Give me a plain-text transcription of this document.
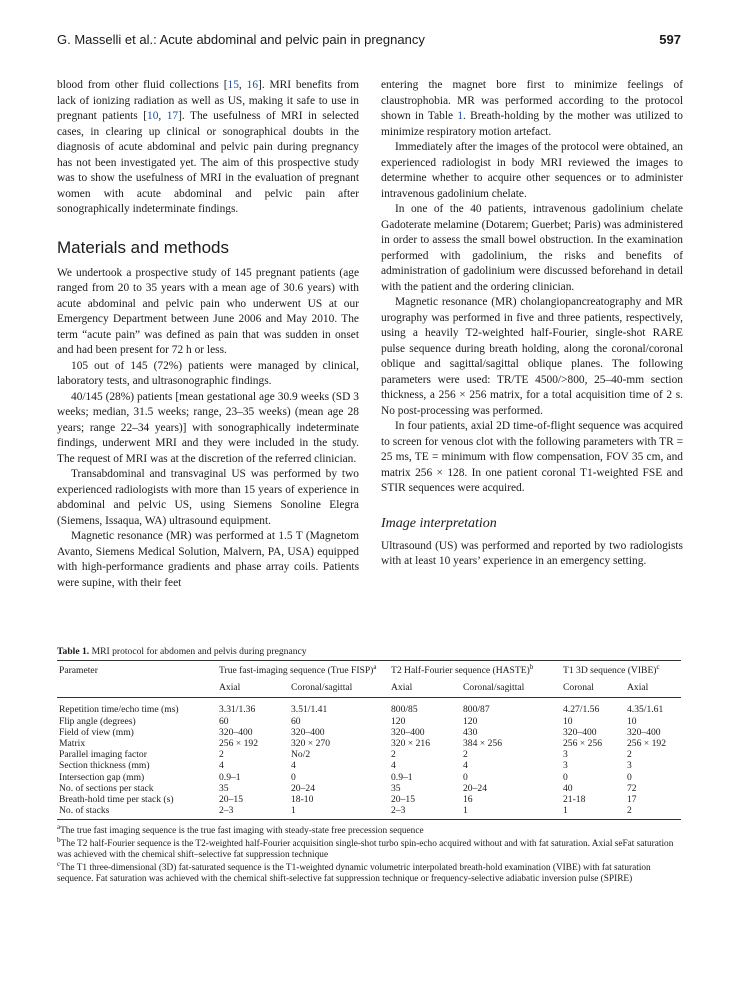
G. Masselli et al.: Acute abdominal and pelvic pain in pregnancy	597

blood from other fluid collections [15, 16]. MRI benefits from lack of ionizing radiation as well as US, making it safe to use in pregnant patients [10, 17]. The usefulness of MRI in selected cases, in clearing up clinical or sonographical doubts in the diagnosis of acute abdominal and pelvic pain during pregnancy has not been investigated yet. The aim of this prospective study was to show the usefulness of MRI in the evaluation of pregnant women with acute abdominal and pelvic pain after sonographically indeterminate findings.

Materials and methods

We undertook a prospective study of 145 pregnant patients (age ranged from 20 to 35 years with a mean age of 30.6 years) with acute abdominal and pelvic pain who underwent US at our Emergency Department between June 2006 and May 2010. The term “acute pain” was defined as pain that was sudden in onset and had been present for 72 h or less.

105 out of 145 (72%) patients were managed by clinical, laboratory tests, and ultrasonographic findings.

40/145 (28%) patients [mean gestational age 30.9 weeks (SD 3 weeks; median, 31.5 weeks; range, 23–35 weeks) (mean age 28 years; range 22–34 years)] with sonographically indeterminate findings, underwent MRI and they were included in the study. The request of MRI was at the discretion of the referred clinician.

Transabdominal and transvaginal US was performed by two experienced radiologists with more than 15 years of experience in abdominal and pelvic US, using Siemens Sonoline Elegra (Siemens, Issaqua, WA) ultrasound equipment.

Magnetic resonance (MR) was performed at 1.5 T (Magnetom Avanto, Siemens Medical Solution, Malvern, PA, USA) equipped with high-performance gradients and phase array coils. Patients were supine, with their feet

entering the magnet bore first to minimize feelings of claustrophobia. MR was performed according to the protocol shown in Table 1. Breath-holding by the mother was utilized to minimize respiratory motion artefact.

Immediately after the images of the protocol were obtained, an experienced radiologist in body MRI reviewed the images to determine whether to acquire other sequences or to administer intravenous gadolinium chelate.

In one of the 40 patients, intravenous gadolinium chelate Gadoterate melamine (Dotarem; Guerbet; Paris) was administered in order to assess the small bowel obstruction. In the examination performed with gadolinium, the risks and benefits of administration of gadolinium were discussed beforehand in detail with the patient and the ordering clinician.

Magnetic resonance (MR) cholangiopancreatography and MR urography was performed in five and three patients, respectively, using a heavily T2-weighted half-Fourier, single-shot RARE pulse sequence during breath holding, along the coronal/coronal oblique and sagittal/sagittal oblique planes. The following parameters were used: TR/TE 4500/>800, 25–40-mm section thickness, a 256 × 256 matrix, for a total acquisition time of 2 s. No post-processing was performed.

In four patients, axial 2D time-of-flight sequence was acquired to screen for venous clot with the following parameters with TR = 25 ms, TE = minimum with flow compensation, FOV 35 cm, and matrix 256 × 128. In one patient coronal T1-weighted FSE and STIR sequences were acquired.

Image interpretation

Ultrasound (US) was performed and reported by two radiologists with at least 10 years’ experience in an emergency setting.

Table 1. MRI protocol for abdomen and pelvis during pregnancy

Parameter	True fast-imaging sequence (True FISP)$^a$		T2 Half-Fourier sequence (HASTE)$^b$		T1 3D sequence (VIBE)$^c$
	Axial	Coronal/sagittal	Axial	Coronal/sagittal	Coronal	Axial

Repetition time/echo time (ms)	3.31/1.36	3.51/1.41	800/85	800/87	4.27/1.56	4.35/1.61
Flip angle (degrees)	60	60	120	120	10	10
Field of view (mm)	320–400	320–400	320–400	430	320–400	320–400
Matrix	256 × 192	320 × 270	320 × 216	384 × 256	256 × 256	256 × 192
Parallel imaging factor	2	No/2	2	2	3	2
Section thickness (mm)	4	4	4	4	3	3
Intersection gap (mm)	0.9–1	0	0.9–1	0	0	0
No. of sections per stack	35	20–24	35	20–24	40	72
Breath-hold time per stack (s)	20–15	18-10	20–15	16	21-18	17
No. of stacks	2–3	1	2–3	1	1	2

$^a$The true fast imaging sequence is the true fast imaging with steady-state free precession sequence

$^b$The T2 half-Fourier sequence is the T2-weighted half-Fourier acquisition single-shot turbo spin-echo acquired without and with fat saturation. Axial seFat saturation was achieved with the chemical shift–selective fat suppression technique

$^c$The T1 three-dimensional (3D) fat-saturated sequence is the T1-weighted dynamic volumetric interpolated breath-hold examination (VIBE) with fat saturation sequence. Fat saturation was achieved with the chemical shift-selective fat suppression technique or frequency-selective adiabatic inversion pulse (SPIRE)
